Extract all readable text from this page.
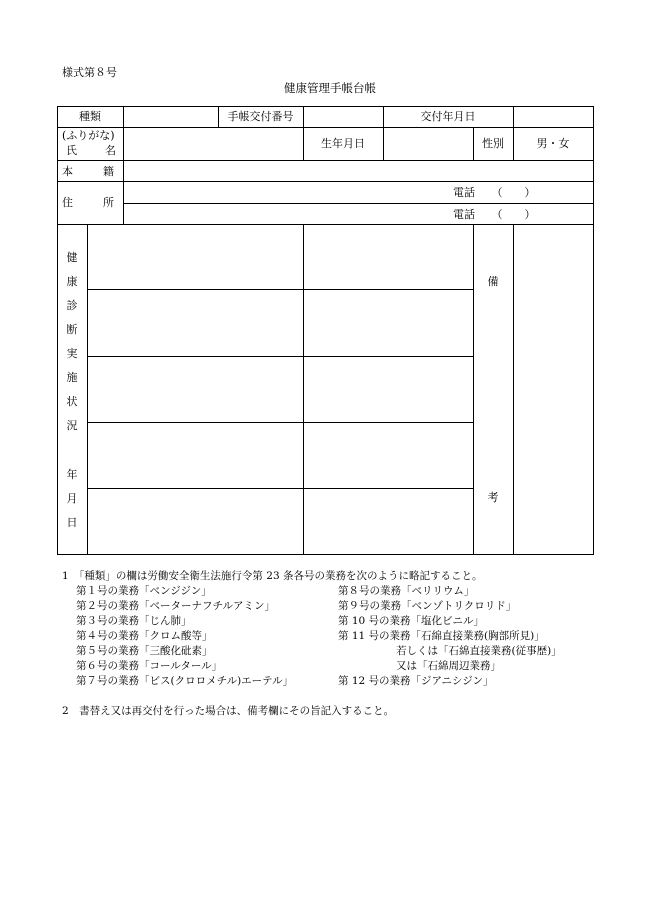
様式第８号
健康管理手帳台帳
種類	手帳交付番号	交付年月日
(ふりがな)
氏	名
生年月日	性別	男・女
本	籍
住	所
電話　　（　　）
電話　　（　　）
健
康
診
断
実
施
状
況
年
月
日
備
考
1　「種類」の欄は労働安全衛生法施行令第 23 条各号の業務を次のように略記すること。
第１号の業務「ベンジジン」
第２号の業務「ベーターナフチルアミン」
第３号の業務「じん肺」
第４号の業務「クロム酸等」
第５号の業務「三酸化砒素」
第６号の業務「コールタール」
第７号の業務「ビス(クロロメチル)エーテル」
第８号の業務「ベリリウム」
第９号の業務「ベンゾトリクロリド」
第 10 号の業務「塩化ビニル」
第 11 号の業務「石綿直接業務(胸部所見)」
若しくは「石綿直接業務(従事歴)」
又は「石綿周辺業務」
第 12 号の業務「ジアニシジン」
2　書替え又は再交付を行った場合は、備考欄にその旨記入すること。
